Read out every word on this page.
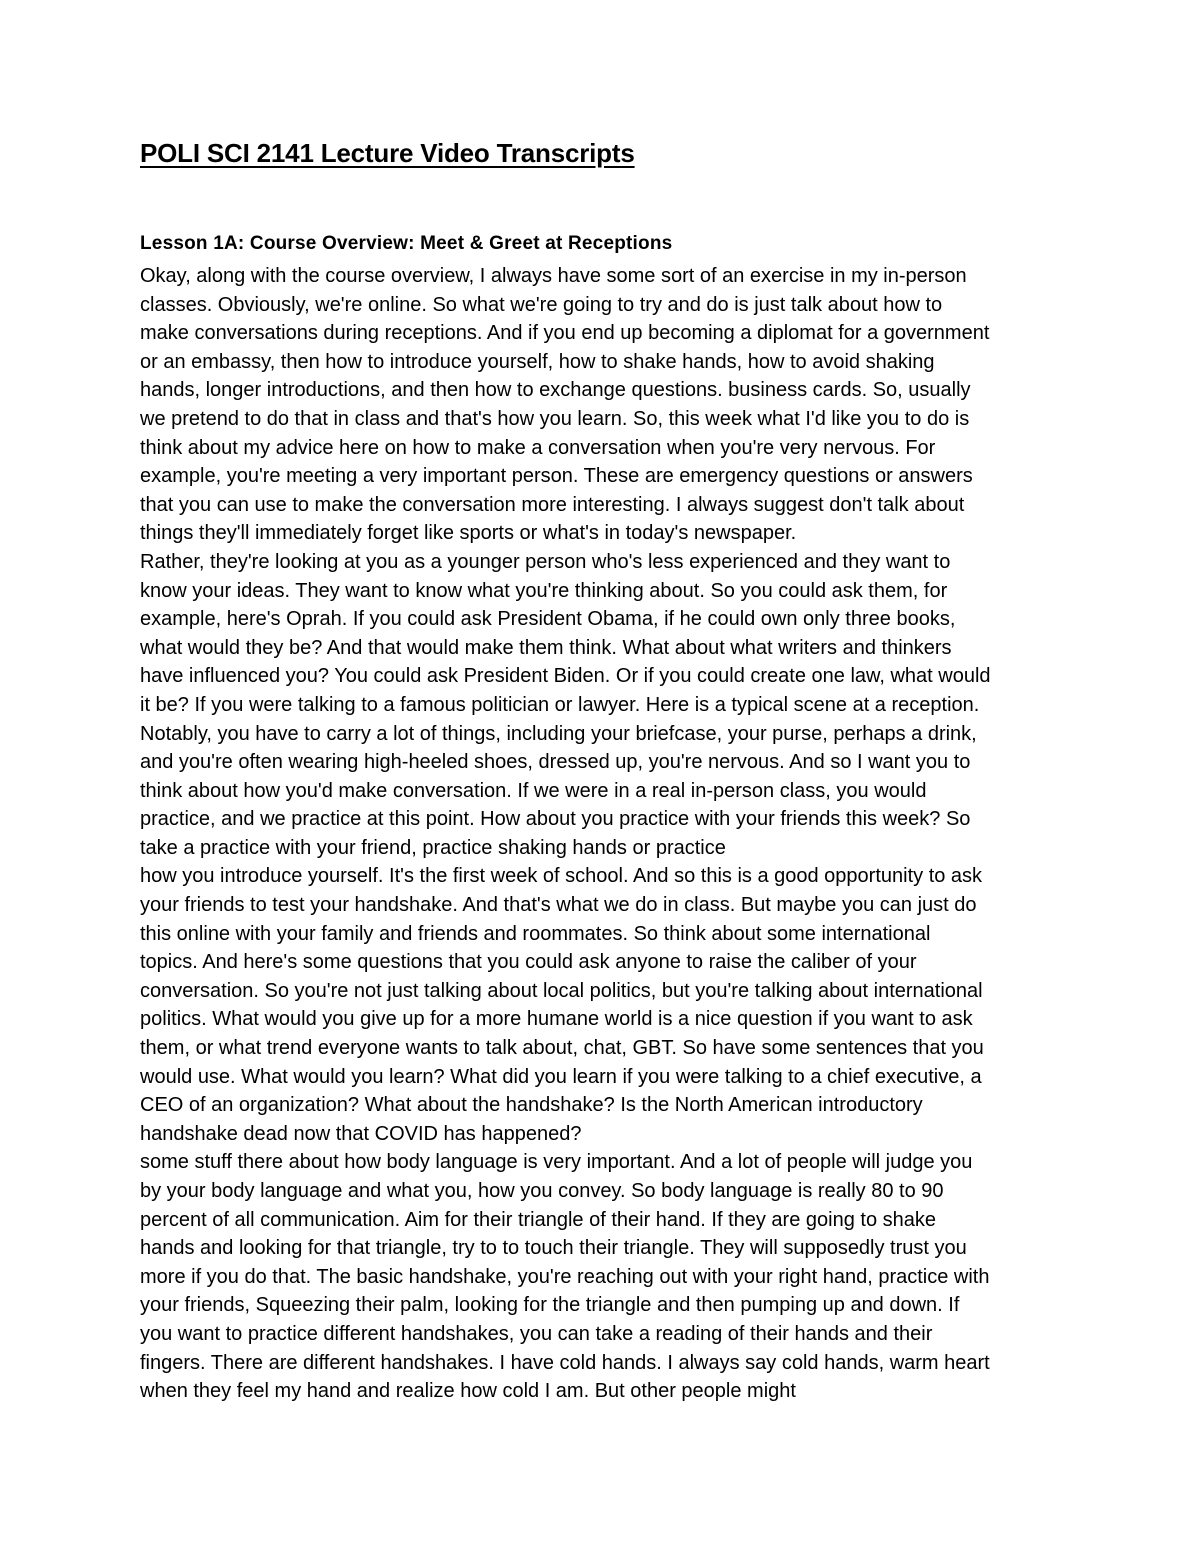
POLI SCI 2141 Lecture Video Transcripts
Lesson 1A: Course Overview: Meet & Greet at Receptions
Okay, along with the course overview, I always have some sort of an exercise in my in-person
classes. Obviously, we're online. So what we're going to try and do is just talk about how to
make conversations during receptions. And if you end up becoming a diplomat for a government
or an embassy, then how to introduce yourself, how to shake hands, how to avoid shaking
hands, longer introductions, and then how to exchange questions. business cards. So, usually
we pretend to do that in class and that's how you learn. So, this week what I'd like you to do is
think about my advice here on how to make a conversation when you're very nervous. For
example, you're meeting a very important person. These are emergency questions or answers
that you can use to make the conversation more interesting. I always suggest don't talk about
things they'll immediately forget like sports or what's in today's newspaper.
Rather, they're looking at you as a younger person who's less experienced and they want to
know your ideas. They want to know what you're thinking about. So you could ask them, for
example, here's Oprah. If you could ask President Obama, if he could own only three books,
what would they be? And that would make them think. What about what writers and thinkers
have influenced you? You could ask President Biden. Or if you could create one law, what would
it be? If you were talking to a famous politician or lawyer. Here is a typical scene at a reception.
Notably, you have to carry a lot of things, including your briefcase, your purse, perhaps a drink,
and you're often wearing high-heeled shoes, dressed up, you're nervous. And so I want you to
think about how you'd make conversation. If we were in a real in-person class, you would
practice, and we practice at this point. How about you practice with your friends this week? So
take a practice with your friend, practice shaking hands or practice
how you introduce yourself. It's the first week of school. And so this is a good opportunity to ask
your friends to test your handshake. And that's what we do in class. But maybe you can just do
this online with your family and friends and roommates. So think about some international
topics. And here's some questions that you could ask anyone to raise the caliber of your
conversation. So you're not just talking about local politics, but you're talking about international
politics. What would you give up for a more humane world is a nice question if you want to ask
them, or what trend everyone wants to talk about, chat, GBT. So have some sentences that you
would use. What would you learn? What did you learn if you were talking to a chief executive, a
CEO of an organization? What about the handshake? Is the North American introductory
handshake dead now that COVID has happened?
some stuff there about how body language is very important. And a lot of people will judge you
by your body language and what you, how you convey. So body language is really 80 to 90
percent of all communication. Aim for their triangle of their hand. If they are going to shake
hands and looking for that triangle, try to to touch their triangle. They will supposedly trust you
more if you do that. The basic handshake, you're reaching out with your right hand, practice with
your friends, Squeezing their palm, looking for the triangle and then pumping up and down. If
you want to practice different handshakes, you can take a reading of their hands and their
fingers. There are different handshakes. I have cold hands. I always say cold hands, warm heart
when they feel my hand and realize how cold I am. But other people might
